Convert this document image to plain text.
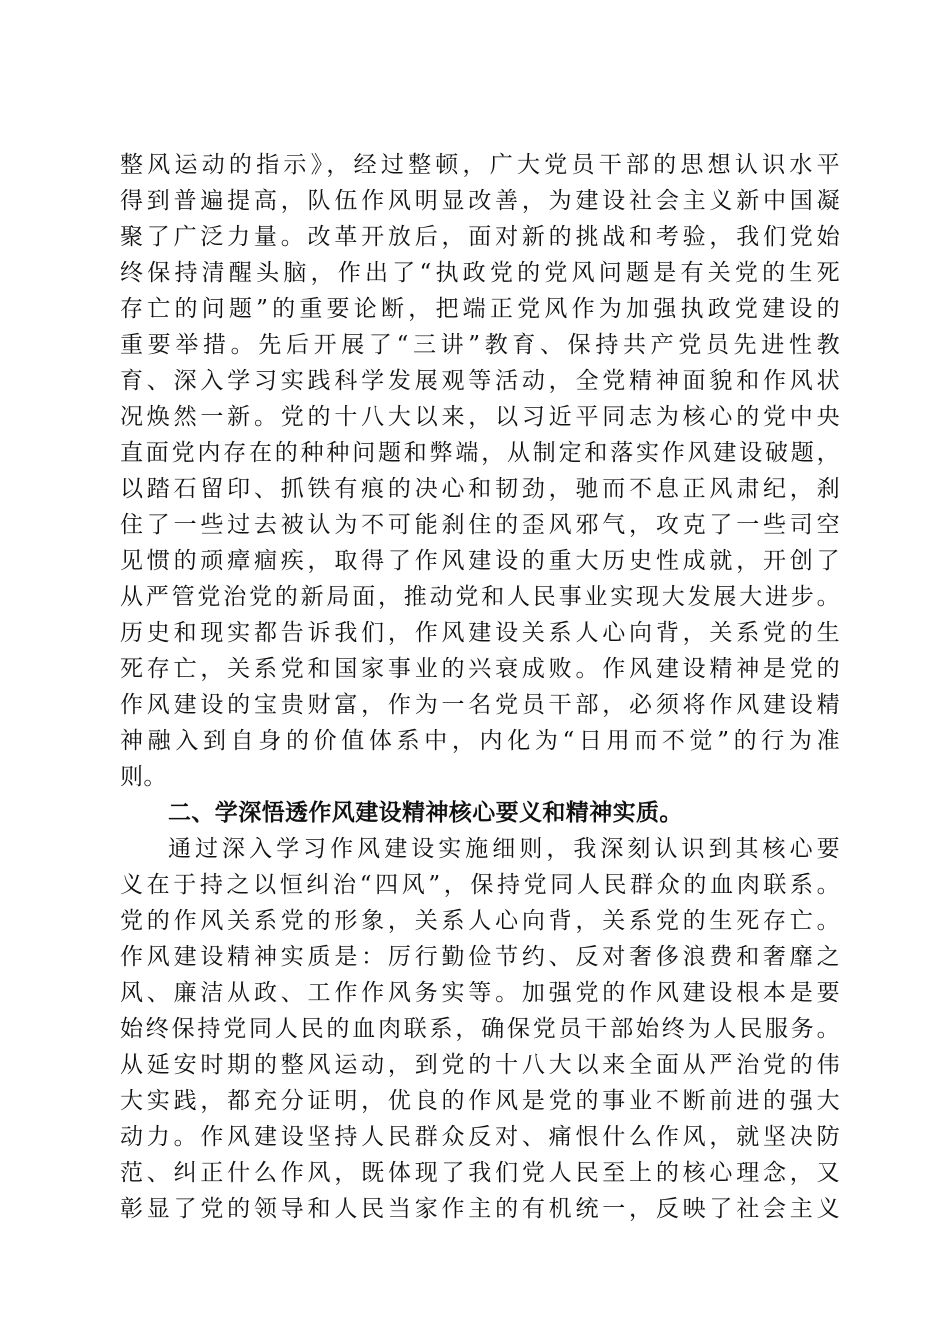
整风运动的指示》，经过整顿，广大党员干部的思想认识水平
得到普遍提高，队伍作风明显改善，为建设社会主义新中国凝
聚了广泛力量。改革开放后，面对新的挑战和考验，我们党始
终保持清醒头脑，作出了“执政党的党风问题是有关党的生死
存亡的问题”的重要论断，把端正党风作为加强执政党建设的
重要举措。先后开展了“三讲”教育、保持共产党员先进性教
育、深入学习实践科学发展观等活动，全党精神面貌和作风状
况焕然一新。党的十八大以来，以习近平同志为核心的党中央
直面党内存在的种种问题和弊端，从制定和落实作风建设破题，
以踏石留印、抓铁有痕的决心和韧劲，驰而不息正风肃纪，刹
住了一些过去被认为不可能刹住的歪风邪气，攻克了一些司空
见惯的顽瘴痼疾，取得了作风建设的重大历史性成就，开创了
从严管党治党的新局面，推动党和人民事业实现大发展大进步。
历史和现实都告诉我们，作风建设关系人心向背，关系党的生
死存亡，关系党和国家事业的兴衰成败。作风建设精神是党的
作风建设的宝贵财富，作为一名党员干部，必须将作风建设精
神融入到自身的价值体系中，内化为“日用而不觉”的行为准
则。
二、学深悟透作风建设精神核心要义和精神实质。
通过深入学习作风建设实施细则，我深刻认识到其核心要
义在于持之以恒纠治“四风”，保持党同人民群众的血肉联系。
党的作风关系党的形象，关系人心向背，关系党的生死存亡。
作风建设精神实质是：厉行勤俭节约、反对奢侈浪费和奢靡之
风、廉洁从政、工作作风务实等。加强党的作风建设根本是要
始终保持党同人民的血肉联系，确保党员干部始终为人民服务。
从延安时期的整风运动，到党的十八大以来全面从严治党的伟
大实践，都充分证明，优良的作风是党的事业不断前进的强大
动力。作风建设坚持人民群众反对、痛恨什么作风，就坚决防
范、纠正什么作风，既体现了我们党人民至上的核心理念，又
彰显了党的领导和人民当家作主的有机统一，反映了社会主义
